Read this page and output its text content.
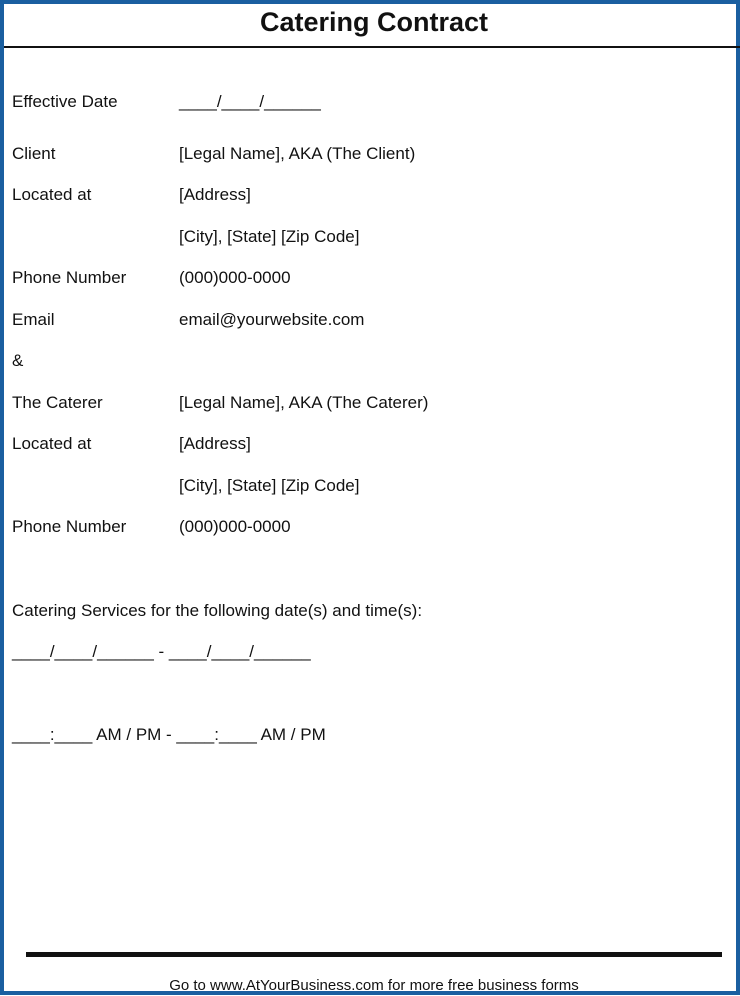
Catering Contract
Effective Date	____/____/______
Client	[Legal Name], AKA (The Client)
Located at	[Address]
[City], [State] [Zip Code]
Phone Number	(000)000-0000
Email	email@yourwebsite.com
&
The Caterer	[Legal Name], AKA (The Caterer)
Located at	[Address]
[City], [State] [Zip Code]
Phone Number	(000)000-0000
Catering Services for the following date(s) and time(s):
____/____/______ - ____/____/______
____:____ AM / PM - ____:____ AM / PM
Go to www.AtYourBusiness.com for more free business forms
